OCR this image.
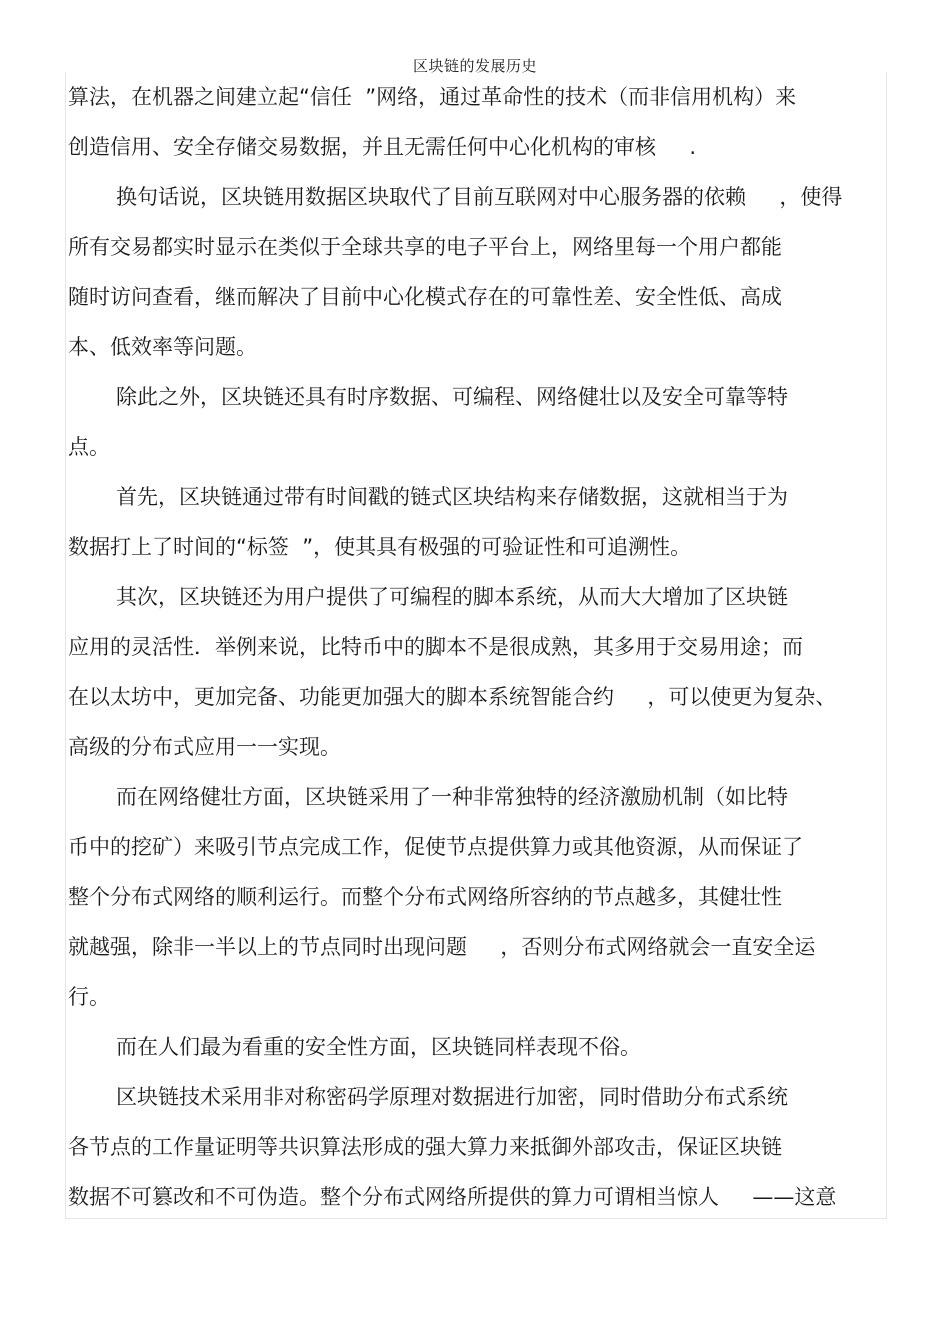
区块链的发展历史
算法，在机器之间建立起“信任  ”网络，通过革命性的技术（而非信用机构）来
创造信用、安全存储交易数据，并且无需任何中心化机构的审核     .
换句话说，区块链用数据区块取代了目前互联网对中心服务器的依赖     ，使得
所有交易都实时显示在类似于全球共享的电子平台上，网络里每一个用户都能
随时访问查看，继而解决了目前中心化模式存在的可靠性差、安全性低、高成
本、低效率等问题。
除此之外，区块链还具有时序数据、可编程、网络健壮以及安全可靠等特
点。
首先，区块链通过带有时间戳的链式区块结构来存储数据，这就相当于为
数据打上了时间的“标签  ”，使其具有极强的可验证性和可追溯性。
其次，区块链还为用户提供了可编程的脚本系统，从而大大增加了区块链
应用的灵活性．举例来说，比特币中的脚本不是很成熟，其多用于交易用途；而
在以太坊中，更加完备、功能更加强大的脚本系统智能合约     ，可以使更为复杂、
高级的分布式应用一一实现。
而在网络健壮方面，区块链采用了一种非常独特的经济激励机制（如比特
币中的挖矿）来吸引节点完成工作，促使节点提供算力或其他资源，从而保证了
整个分布式网络的顺利运行。而整个分布式网络所容纳的节点越多，其健壮性
就越强，除非一半以上的节点同时出现问题     ，否则分布式网络就会一直安全运
行。
而在人们最为看重的安全性方面，区块链同样表现不俗。
区块链技术采用非对称密码学原理对数据进行加密，同时借助分布式系统
各节点的工作量证明等共识算法形成的强大算力来抵御外部攻击，保证区块链
数据不可篡改和不可伪造。整个分布式网络所提供的算力可谓相当惊人     ——这意
